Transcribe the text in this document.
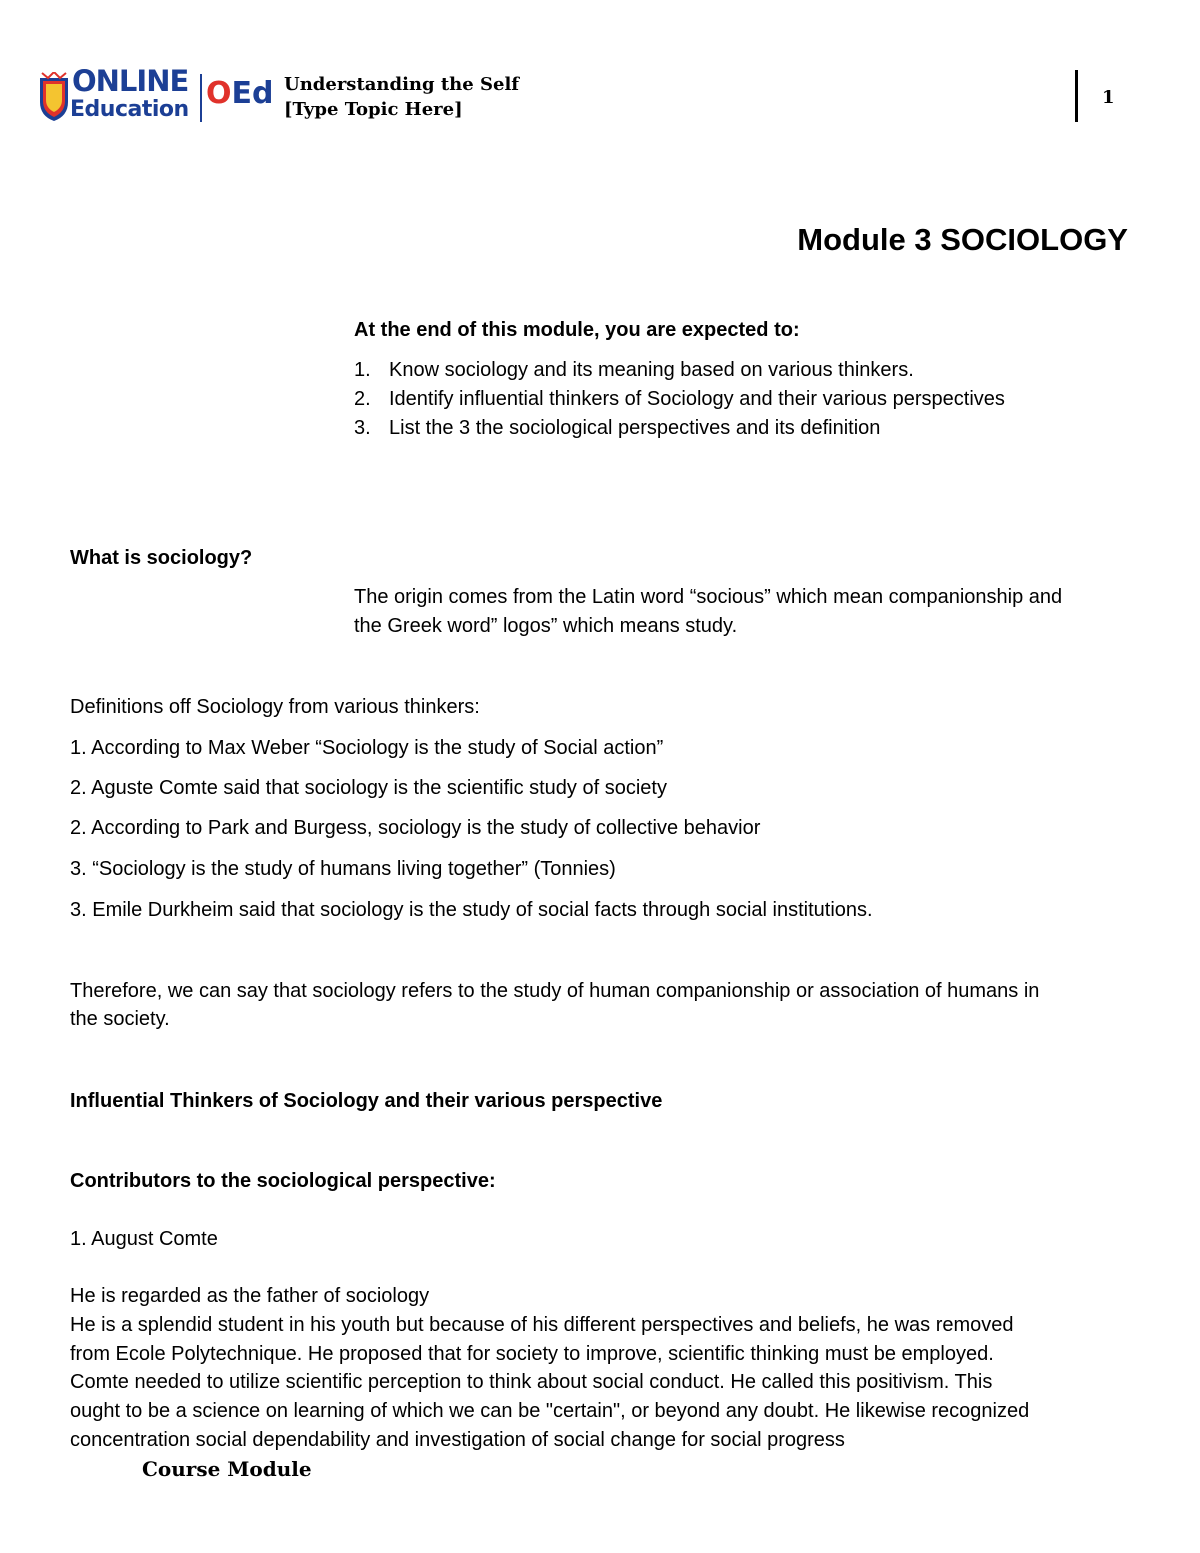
ONLINE
Education OEd Understanding the Self
[Type Topic Here]
1
Module 3 SOCIOLOGY

At the end of this module, you are expected to:

1. Know sociology and its meaning based on various thinkers.
2. Identify influential thinkers of Sociology and their various perspectives
3. List the 3 the sociological perspectives and its definition

What is sociology?

The origin comes from the Latin word “socious” which mean companionship and

the Greek word” logos” which means study.

Definitions off Sociology from various thinkers:

1. According to Max Weber “Sociology is the study of Social action”

2. Aguste Comte said that sociology is the scientific study of society

2. According to Park and Burgess, sociology is the study of collective behavior

3. “Sociology is the study of humans living together” (Tonnies)

3. Emile Durkheim said that sociology is the study of social facts through social institutions.

Therefore, we can say that sociology refers to the study of human companionship or association of humans in

the society.

Influential Thinkers of Sociology and their various perspective

Contributors to the sociological perspective:

1. August Comte

He is regarded as the father of sociology

He is a splendid student in his youth but because of his different perspectives and beliefs, he was removed

from Ecole Polytechnique. He proposed that for society to improve, scientific thinking must be employed.

Comte needed to utilize scientific perception to think about social conduct. He called this positivism. This

ought to be a science on learning of which we can be "certain", or beyond any doubt. He likewise recognized

concentration social dependability and investigation of social change for social progress

Course Module
